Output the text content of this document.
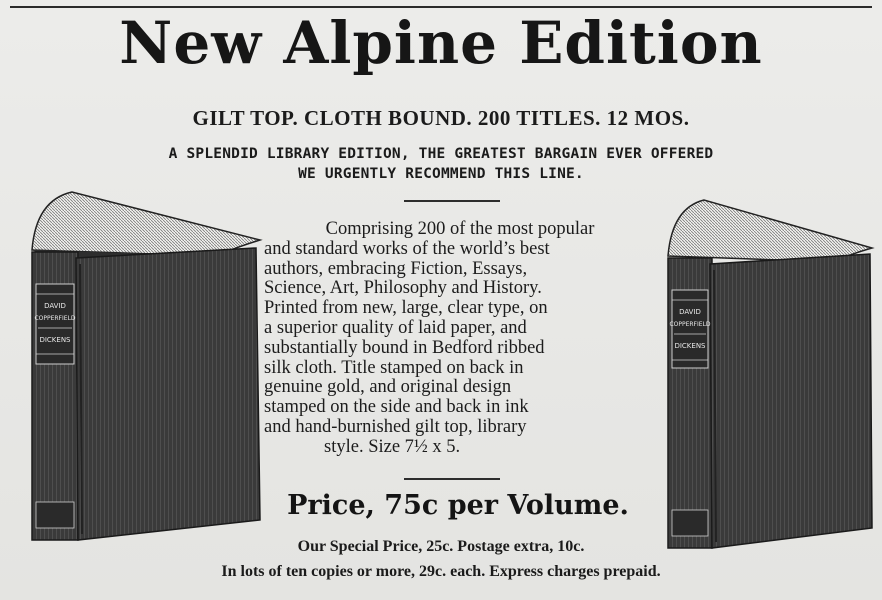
New Alpine Edition
GILT TOP. CLOTH BOUND. 200 TITLES. 12 MOS.
A SPLENDID LIBRARY EDITION, THE GREATEST BARGAIN EVER OFFERED
WE URGENTLY RECOMMEND THIS LINE.
DAVID
COPPERFIELD
DICKENS
DAVID
COPPERFIELD
DICKENS
Comprising 200 of the most popular
and standard works of the world’s best
authors, embracing Fiction, Essays,
Science, Art, Philosophy and History.
Printed from new, large, clear type, on
a superior quality of laid paper, and
substantially bound in Bedford ribbed
silk cloth. Title stamped on back in
genuine gold, and original design
stamped on the side and back in ink
and hand-burnished gilt top, library
style. Size 7½ x 5.
Price, 75c per Volume.
Our Special Price, 25c. Postage extra, 10c.
In lots of ten copies or more, 29c. each. Express charges prepaid.
